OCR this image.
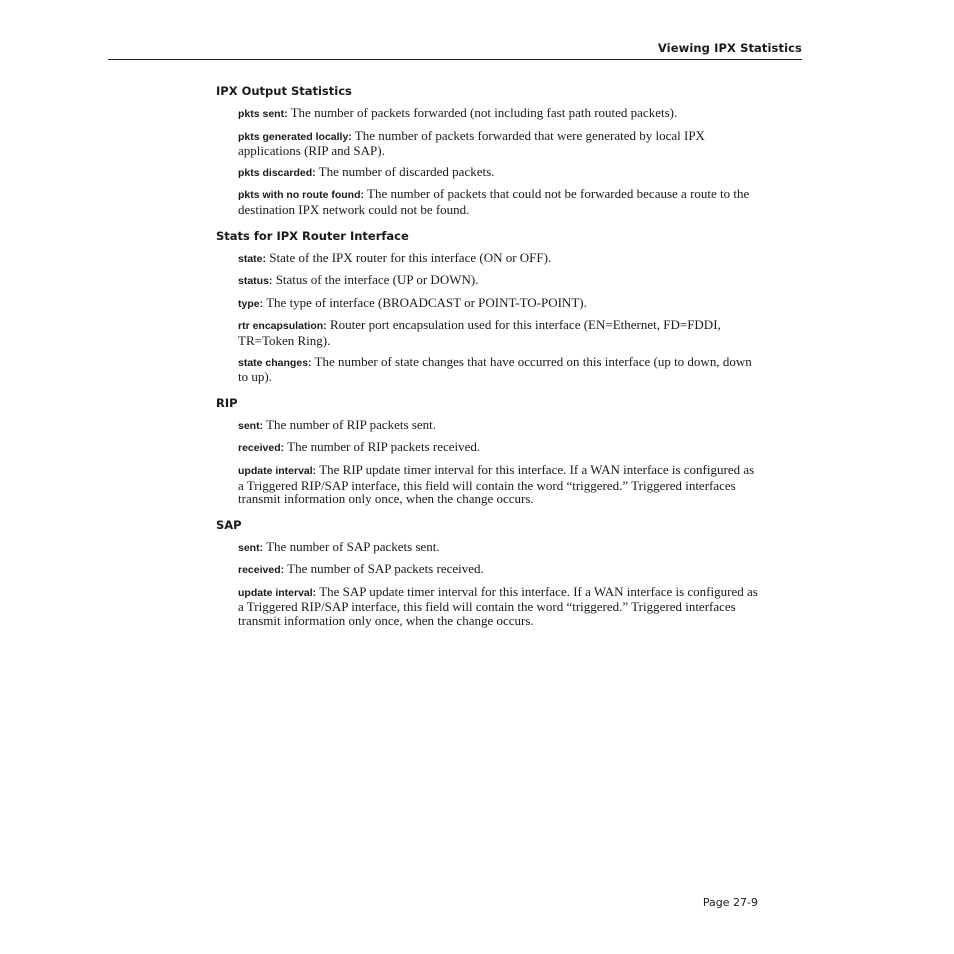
Viewing IPX Statistics
IPX Output Statistics

pkts sent: The number of packets forwarded (not including fast path routed packets).

pkts generated locally: The number of packets forwarded that were generated by local IPX applications (RIP and SAP).

pkts discarded: The number of discarded packets.

pkts with no route found: The number of packets that could not be forwarded because a route to the destination IPX network could not be found.

Stats for IPX Router Interface

state: State of the IPX router for this interface (ON or OFF).

status: Status of the interface (UP or DOWN).

type: The type of interface (BROADCAST or POINT-TO-POINT).

rtr encapsulation: Router port encapsulation used for this interface (EN=Ethernet, FD=FDDI, TR=Token Ring).

state changes: The number of state changes that have occurred on this interface (up to down, down to up).

RIP

sent: The number of RIP packets sent.

received: The number of RIP packets received.

update interval: The RIP update timer interval for this interface. If a WAN interface is configured as a Triggered RIP/SAP interface, this field will contain the word “triggered.” Triggered interfaces transmit information only once, when the change occurs.

SAP

sent: The number of SAP packets sent.

received: The number of SAP packets received.

update interval: The SAP update timer interval for this interface. If a WAN interface is configured as a Triggered RIP/SAP interface, this field will contain the word “triggered.” Triggered interfaces transmit information only once, when the change occurs.

Page 27-9
